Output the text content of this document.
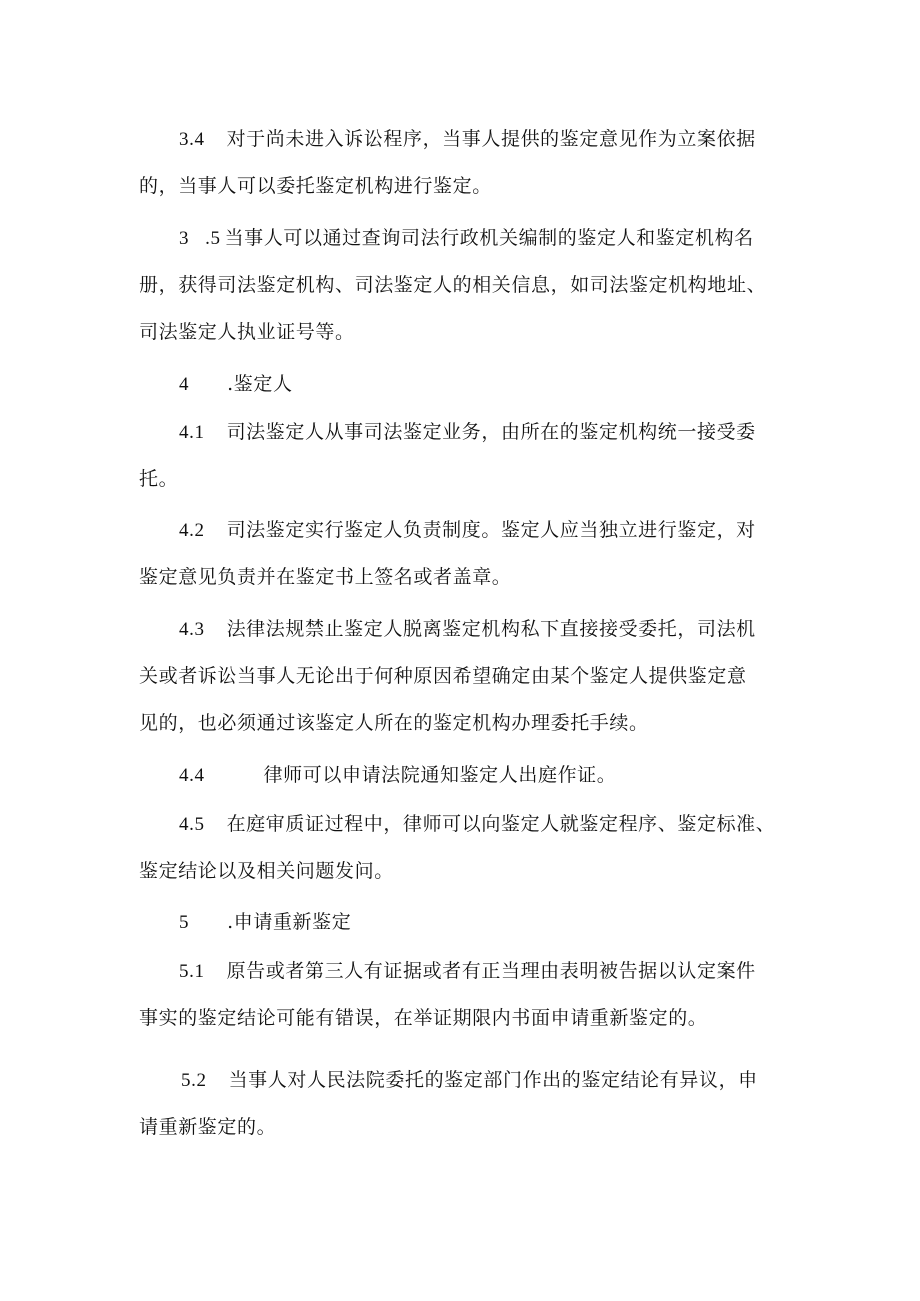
3.4 对于尚未进入诉讼程序，当事人提供的鉴定意见作为立案依据
的，当事人可以委托鉴定机构进行鉴定。
3 .5 当事人可以通过查询司法行政机关编制的鉴定人和鉴定机构名
册，获得司法鉴定机构、司法鉴定人的相关信息，如司法鉴定机构地址、
司法鉴定人执业证号等。
4 .鉴定人
4.1 司法鉴定人从事司法鉴定业务，由所在的鉴定机构统一接受委
托。
4.2 司法鉴定实行鉴定人负责制度。鉴定人应当独立进行鉴定，对
鉴定意见负责并在鉴定书上签名或者盖章。
4.3 法律法规禁止鉴定人脱离鉴定机构私下直接接受委托，司法机
关或者诉讼当事人无论出于何种原因希望确定由某个鉴定人提供鉴定意
见的，也必须通过该鉴定人所在的鉴定机构办理委托手续。
4.4	律师可以申请法院通知鉴定人出庭作证。
4.5 在庭审质证过程中，律师可以向鉴定人就鉴定程序、鉴定标准、
鉴定结论以及相关问题发问。
5 .申请重新鉴定
5.1 原告或者第三人有证据或者有正当理由表明被告据以认定案件
事实的鉴定结论可能有错误，在举证期限内书面申请重新鉴定的。
5.2 当事人对人民法院委托的鉴定部门作出的鉴定结论有异议，申
请重新鉴定的。
